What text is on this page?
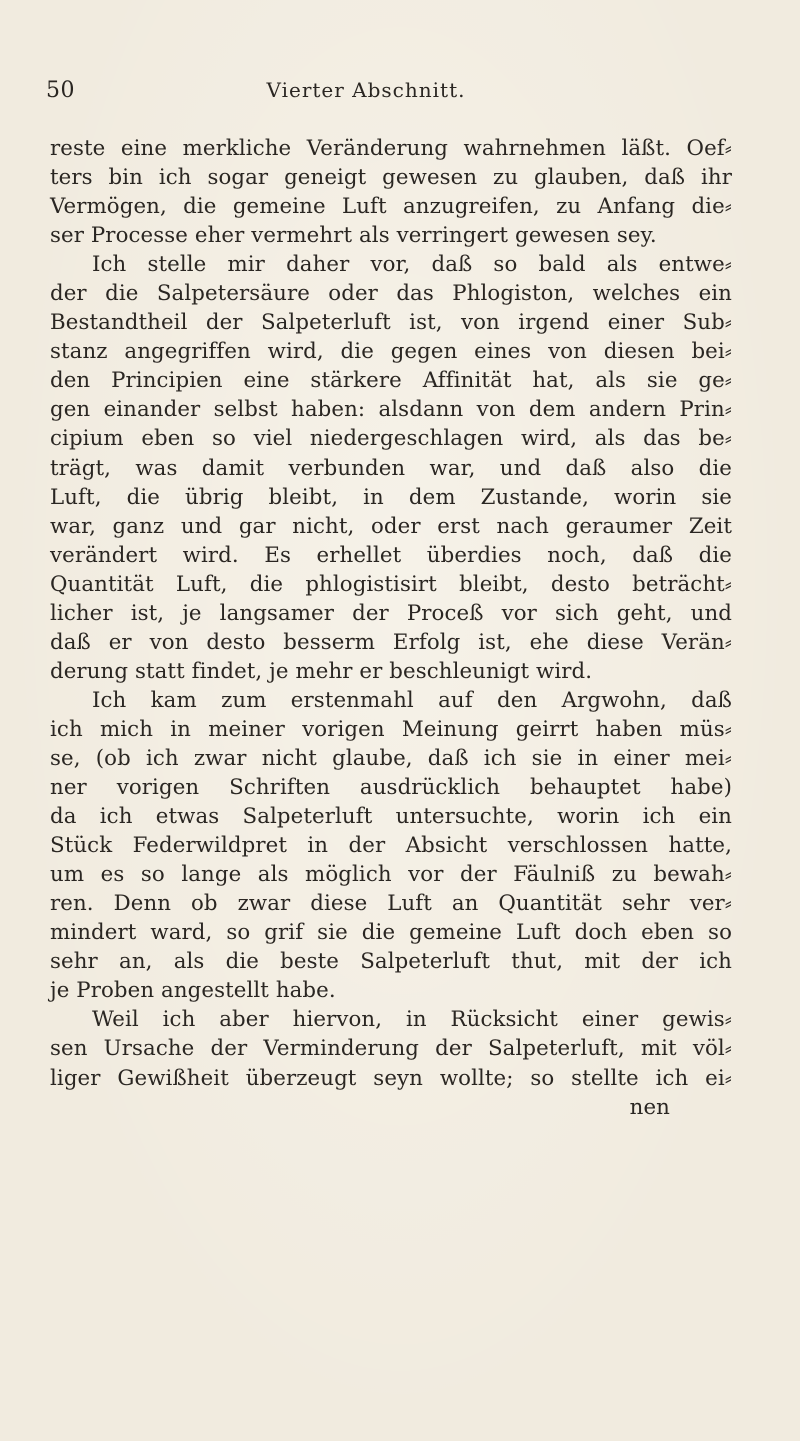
50	Vierter Abschnitt.
reste eine merkliche Veränderung wahrnehmen läßt. Oef⸗
ters bin ich sogar geneigt gewesen zu glauben, daß ihr
Vermögen, die gemeine Luft anzugreifen, zu Anfang die⸗
ser Processe eher vermehrt als verringert gewesen sey.
Ich stelle mir daher vor, daß so bald als entwe⸗
der die Salpetersäure oder das Phlogiston, welches ein
Bestandtheil der Salpeterluft ist, von irgend einer Sub⸗
stanz angegriffen wird, die gegen eines von diesen bei⸗
den Principien eine stärkere Affinität hat, als sie ge⸗
gen einander selbst haben: alsdann von dem andern Prin⸗
cipium eben so viel niedergeschlagen wird, als das be⸗
trägt, was damit verbunden war, und daß also die
Luft, die übrig bleibt, in dem Zustande, worin sie
war, ganz und gar nicht, oder erst nach geraumer Zeit
verändert wird. Es erhellet überdies noch, daß die
Quantität Luft, die phlogistisirt bleibt, desto beträcht⸗
licher ist, je langsamer der Proceß vor sich geht, und
daß er von desto besserm Erfolg ist, ehe diese Verän⸗
derung statt findet, je mehr er beschleunigt wird.
Ich kam zum erstenmahl auf den Argwohn, daß
ich mich in meiner vorigen Meinung geirrt haben müs⸗
se, (ob ich zwar nicht glaube, daß ich sie in einer mei⸗
ner vorigen Schriften ausdrücklich behauptet habe)
da ich etwas Salpeterluft untersuchte, worin ich ein
Stück Federwildpret in der Absicht verschlossen hatte,
um es so lange als möglich vor der Fäulniß zu bewah⸗
ren. Denn ob zwar diese Luft an Quantität sehr ver⸗
mindert ward, so grif sie die gemeine Luft doch eben so
sehr an, als die beste Salpeterluft thut, mit der ich
je Proben angestellt habe.
Weil ich aber hiervon, in Rücksicht einer gewis⸗
sen Ursache der Verminderung der Salpeterluft, mit völ⸗
liger Gewißheit überzeugt seyn wollte; so stellte ich ei⸗
nen
